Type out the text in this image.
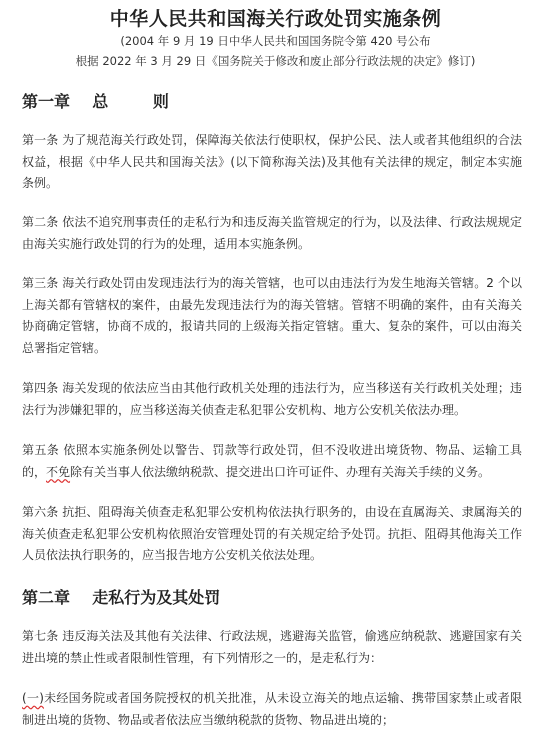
中华人民共和国海关行政处罚实施条例
(2004 年 9 月 19 日中华人民共和国国务院令第 420 号公布
根据 2022 年 3 月 29 日《国务院关于修改和废止部分行政法规的决定》修订)
第一章    总        则
第一条 为了规范海关行政处罚，保障海关依法行使职权，保护公民、法人或者其他组织的合法权益，根据《中华人民共和国海关法》(以下简称海关法)及其他有关法律的规定，制定本实施条例。
第二条 依法不追究刑事责任的走私行为和违反海关监管规定的行为，以及法律、行政法规规定由海关实施行政处罚的行为的处理，适用本实施条例。
第三条 海关行政处罚由发现违法行为的海关管辖，也可以由违法行为发生地海关管辖。2 个以上海关都有管辖权的案件，由最先发现违法行为的海关管辖。管辖不明确的案件，由有关海关协商确定管辖，协商不成的，报请共同的上级海关指定管辖。重大、复杂的案件，可以由海关总署指定管辖。
第四条 海关发现的依法应当由其他行政机关处理的违法行为，应当移送有关行政机关处理；违法行为涉嫌犯罪的，应当移送海关侦查走私犯罪公安机构、地方公安机关依法办理。
第五条 依照本实施条例处以警告、罚款等行政处罚，但不没收进出境货物、物品、运输工具的，不免除有关当事人依法缴纳税款、提交进出口许可证件、办理有关海关手续的义务。
第六条 抗拒、阻碍海关侦查走私犯罪公安机构依法执行职务的，由设在直属海关、隶属海关的海关侦查走私犯罪公安机构依照治安管理处罚的有关规定给予处罚。抗拒、阻碍其他海关工作人员依法执行职务的，应当报告地方公安机关依法处理。
第二章    走私行为及其处罚
第七条 违反海关法及其他有关法律、行政法规，逃避海关监管，偷逃应纳税款、逃避国家有关进出境的禁止性或者限制性管理，有下列情形之一的，是走私行为：
(一)未经国务院或者国务院授权的机关批准，从未设立海关的地点运输、携带国家禁止或者限制进出境的货物、物品或者依法应当缴纳税款的货物、物品进出境的；
